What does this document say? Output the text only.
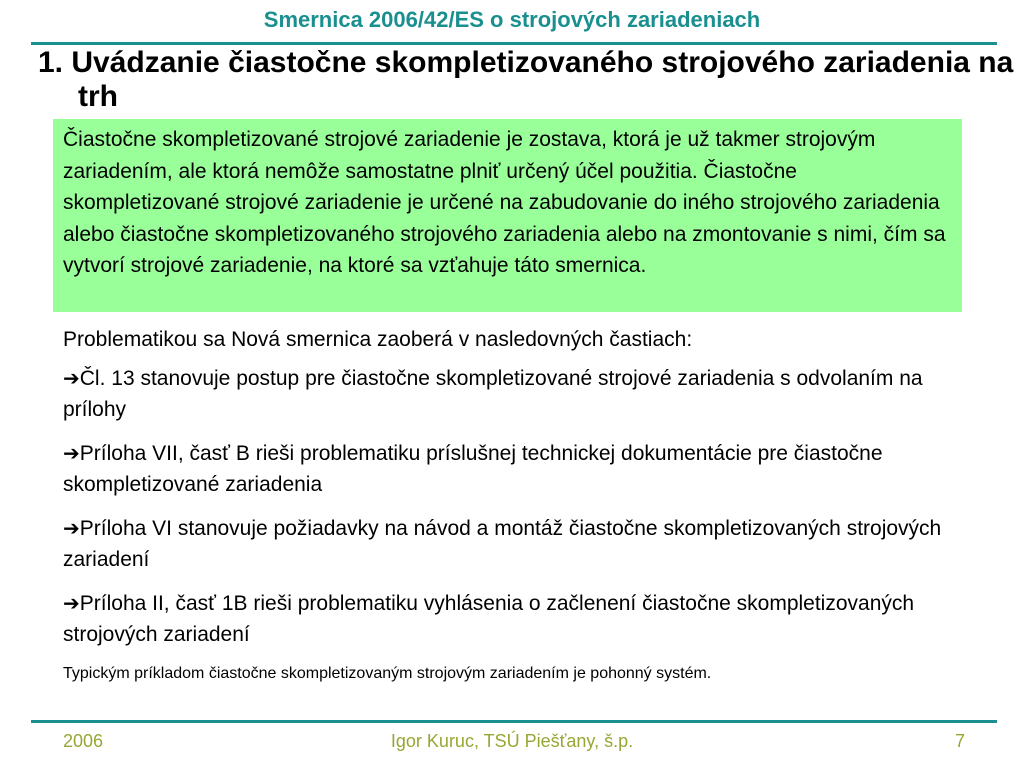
Smernica 2006/42/ES o strojových zariadeniach
1. Uvádzanie čiastočne skompletizovaného strojového zariadenia na trh
Čiastočne skompletizované strojové zariadenie je zostava, ktorá je už takmer strojovým zariadením, ale ktorá nemôže samostatne plniť určený účel použitia. Čiastočne skompletizované strojové zariadenie je určené na zabudovanie do iného strojového zariadenia alebo čiastočne skompletizovaného strojového zariadenia alebo na zmontovanie s nimi, čím sa vytvorí strojové zariadenie, na ktoré sa vzťahuje táto smernica.

Problematikou sa Nová smernica zaoberá v nasledovných častiach:

➔Čl. 13 stanovuje postup pre čiastočne skompletizované strojové zariadenia s odvolaním na prílohy

➔Príloha VII, časť B rieši problematiku príslušnej technickej dokumentácie pre čiastočne skompletizované zariadenia

➔Príloha VI stanovuje požiadavky na návod a montáž čiastočne skompletizovaných strojových zariadení

➔Príloha II, časť 1B rieši problematiku vyhlásenia o začlenení čiastočne skompletizovaných strojových zariadení

Typickým príkladom čiastočne skompletizovaným strojovým zariadením je pohonný systém.

Igor Kuruc, TSÚ Piešťany, š.p.
2006	7
